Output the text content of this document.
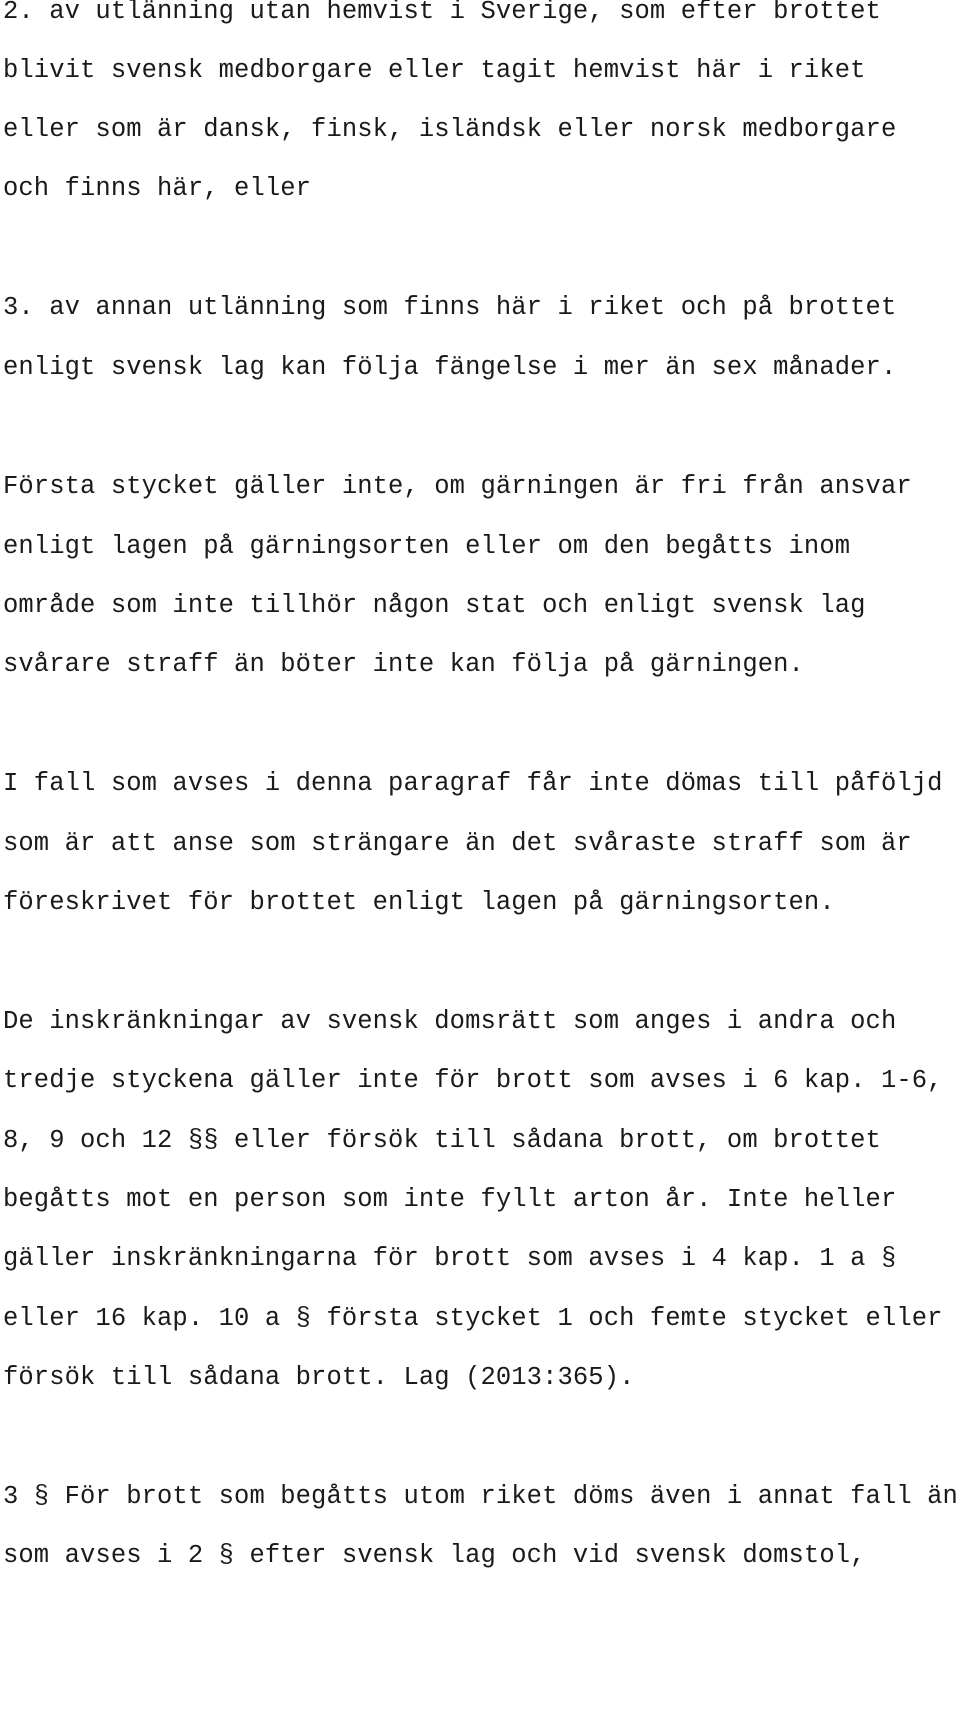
2. av utlänning utan hemvist i Sverige, som efter brottet

blivit svensk medborgare eller tagit hemvist här i riket

eller som är dansk, finsk, isländsk eller norsk medborgare

och finns här, eller

3. av annan utlänning som finns här i riket och på brottet

enligt svensk lag kan följa fängelse i mer än sex månader.

Första stycket gäller inte, om gärningen är fri från ansvar

enligt lagen på gärningsorten eller om den begåtts inom

område som inte tillhör någon stat och enligt svensk lag

svårare straff än böter inte kan följa på gärningen.

I fall som avses i denna paragraf får inte dömas till påföljd

som är att anse som strängare än det svåraste straff som är

föreskrivet för brottet enligt lagen på gärningsorten.

De inskränkningar av svensk domsrätt som anges i andra och

tredje styckena gäller inte för brott som avses i 6 kap. 1-6,

8, 9 och 12 §§ eller försök till sådana brott, om brottet

begåtts mot en person som inte fyllt arton år. Inte heller

gäller inskränkningarna för brott som avses i 4 kap. 1 a §

eller 16 kap. 10 a § första stycket 1 och femte stycket eller

försök till sådana brott. Lag (2013:365).

3 § För brott som begåtts utom riket döms även i annat fall än

som avses i 2 § efter svensk lag och vid svensk domstol,
